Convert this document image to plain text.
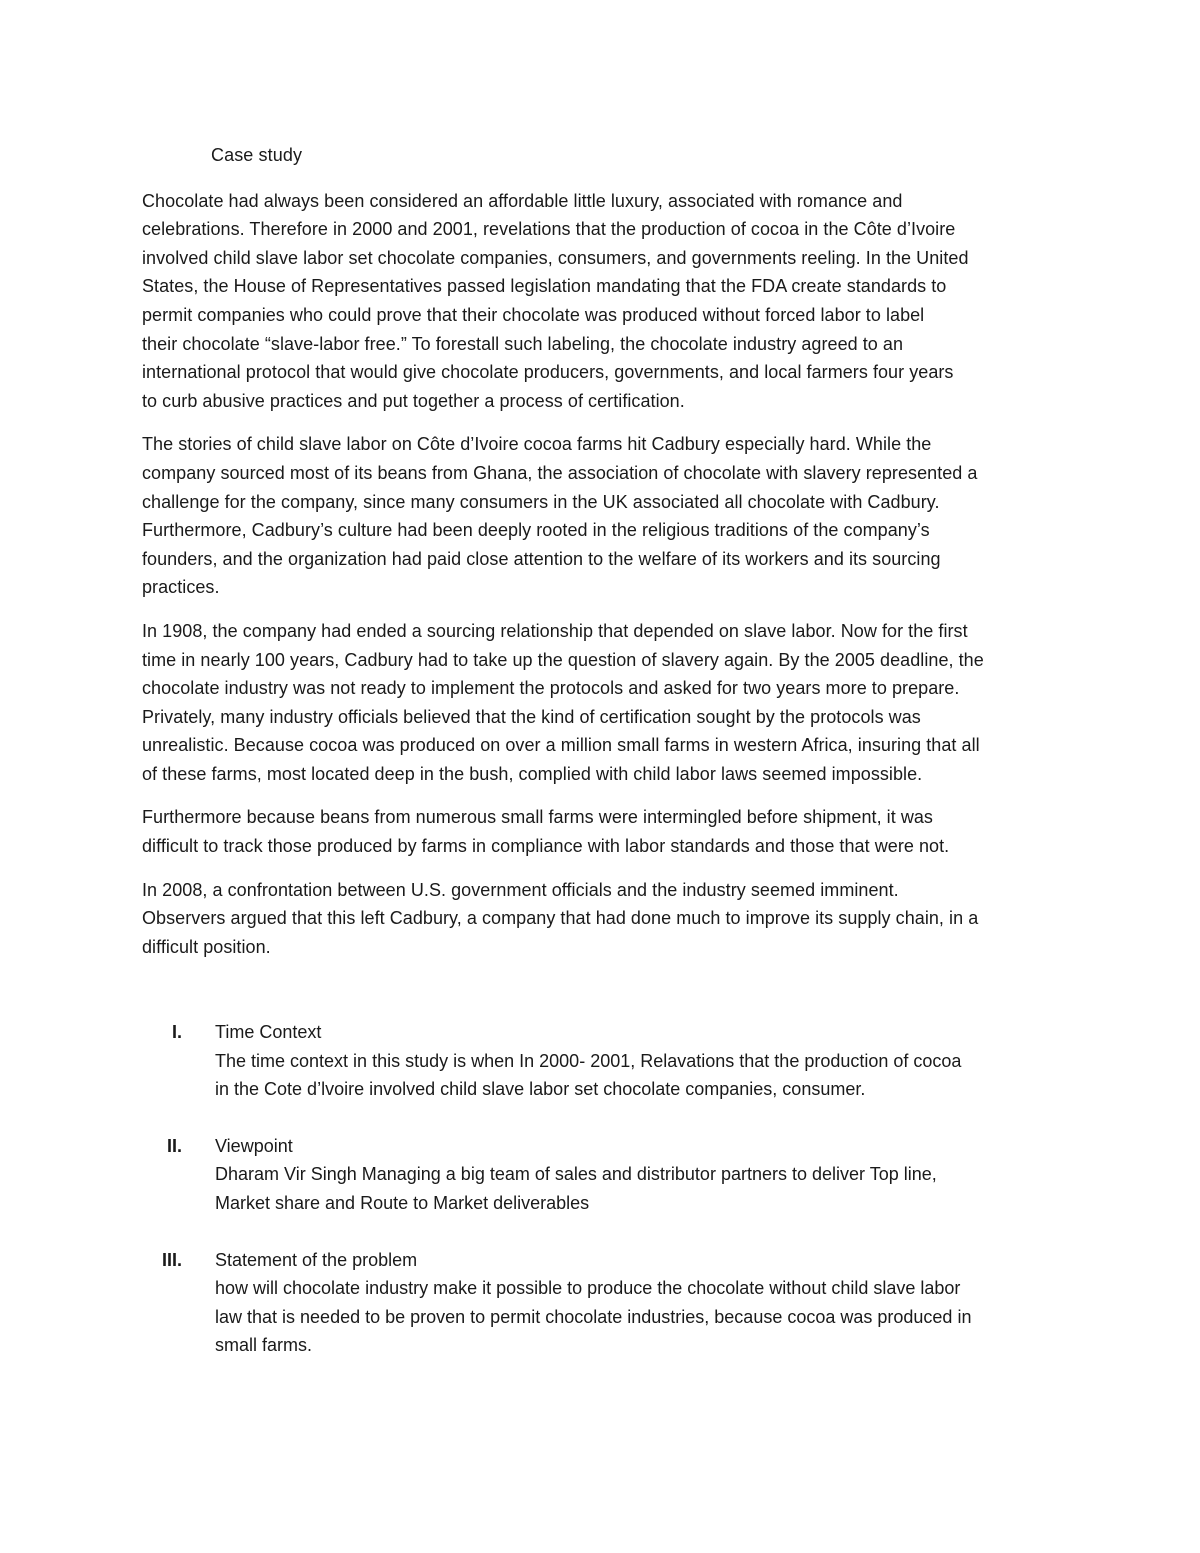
Case study

Chocolate had always been considered an affordable little luxury, associated with romance and
celebrations. Therefore in 2000 and 2001, revelations that the production of cocoa in the Côte d’Ivoire
involved child slave labor set chocolate companies, consumers, and governments reeling. In the United
States, the House of Representatives passed legislation mandating that the FDA create standards to
permit companies who could prove that their chocolate was produced without forced labor to label
their chocolate “slave-labor free.” To forestall such labeling, the chocolate industry agreed to an
international protocol that would give chocolate producers, governments, and local farmers four years
to curb abusive practices and put together a process of certification.

The stories of child slave labor on Côte d’Ivoire cocoa farms hit Cadbury especially hard. While the
company sourced most of its beans from Ghana, the association of chocolate with slavery represented a
challenge for the company, since many consumers in the UK associated all chocolate with Cadbury.
Furthermore, Cadbury’s culture had been deeply rooted in the religious traditions of the company’s
founders, and the organization had paid close attention to the welfare of its workers and its sourcing
practices.

In 1908, the company had ended a sourcing relationship that depended on slave labor. Now for the first
time in nearly 100 years, Cadbury had to take up the question of slavery again. By the 2005 deadline, the
chocolate industry was not ready to implement the protocols and asked for two years more to prepare.
Privately, many industry officials believed that the kind of certification sought by the protocols was
unrealistic. Because cocoa was produced on over a million small farms in western Africa, insuring that all
of these farms, most located deep in the bush, complied with child labor laws seemed impossible.

Furthermore because beans from numerous small farms were intermingled before shipment, it was
difficult to track those produced by farms in compliance with labor standards and those that were not.

In 2008, a confrontation between U.S. government officials and the industry seemed imminent.
Observers argued that this left Cadbury, a company that had done much to improve its supply chain, in a
difficult position.

I. Time Context
The time context in this study is when In 2000- 2001, Relavations that the production of cocoa
in the Cote d’lvoire involved child slave labor set chocolate companies, consumer.
II. Viewpoint
Dharam Vir Singh Managing a big team of sales and distributor partners to deliver Top line,
Market share and Route to Market deliverables
III. Statement of the problem
how will chocolate industry make it possible to produce the chocolate without child slave labor
law that is needed to be proven to permit chocolate industries, because cocoa was produced in
small farms.
